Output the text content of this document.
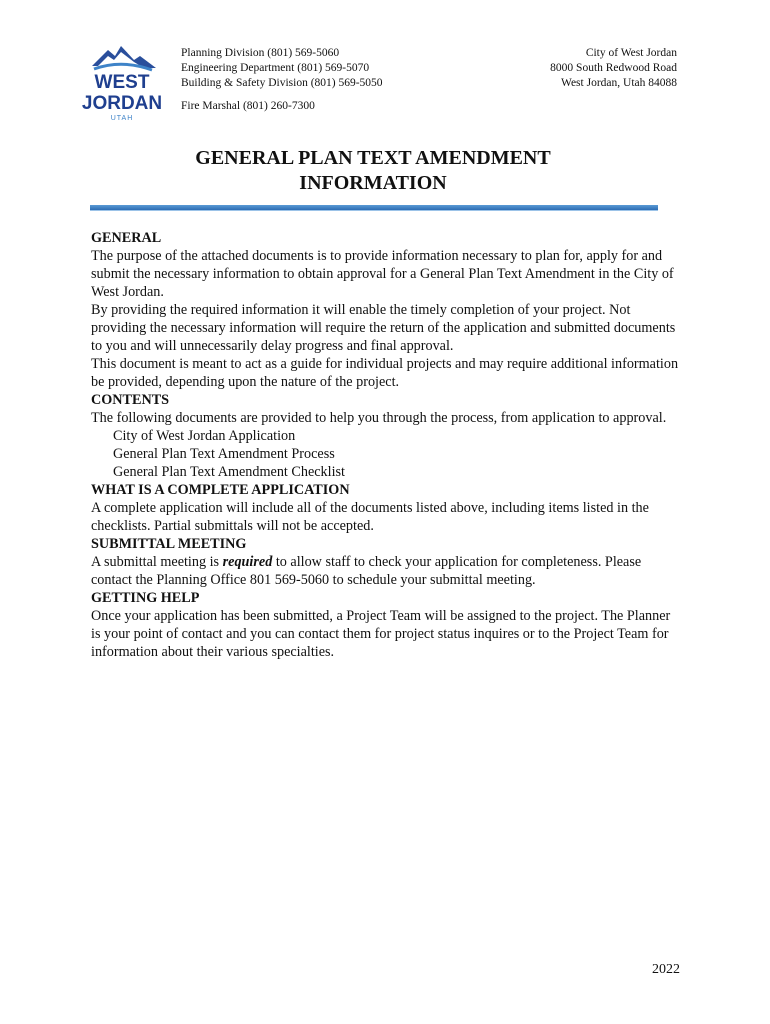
WEST
JORDAN
UTAH
Planning Division (801) 569-5060
Engineering Department (801) 569-5070
Building & Safety Division (801) 569-5050
Fire Marshal (801) 260-7300
City of West Jordan
8000 South Redwood Road
West Jordan, Utah 84088
GENERAL PLAN TEXT AMENDMENT
INFORMATION
GENERAL

The purpose of the attached documents is to provide information necessary to plan for, apply for and submit the necessary information to obtain approval for a General Plan Text Amendment in the City of West Jordan.

By providing the required information it will enable the timely completion of your project. Not providing the necessary information will require the return of the application and submitted documents to you and will unnecessarily delay progress and final approval.

This document is meant to act as a guide for individual projects and may require additional information be provided, depending upon the nature of the project.

CONTENTS

The following documents are provided to help you through the process, from application to approval.

City of West Jordan Application
General Plan Text Amendment Process
General Plan Text Amendment Checklist
WHAT IS A COMPLETE APPLICATION

A complete application will include all of the documents listed above, including items listed in the checklists. Partial submittals will not be accepted.

SUBMITTAL MEETING

A submittal meeting is required to allow staff to check your application for completeness. Please contact the Planning Office 801 569-5060 to schedule your submittal meeting.

GETTING HELP

Once your application has been submitted, a Project Team will be assigned to the project. The Planner is your point of contact and you can contact them for project status inquires or to the Project Team for information about their various specialties.

2022
